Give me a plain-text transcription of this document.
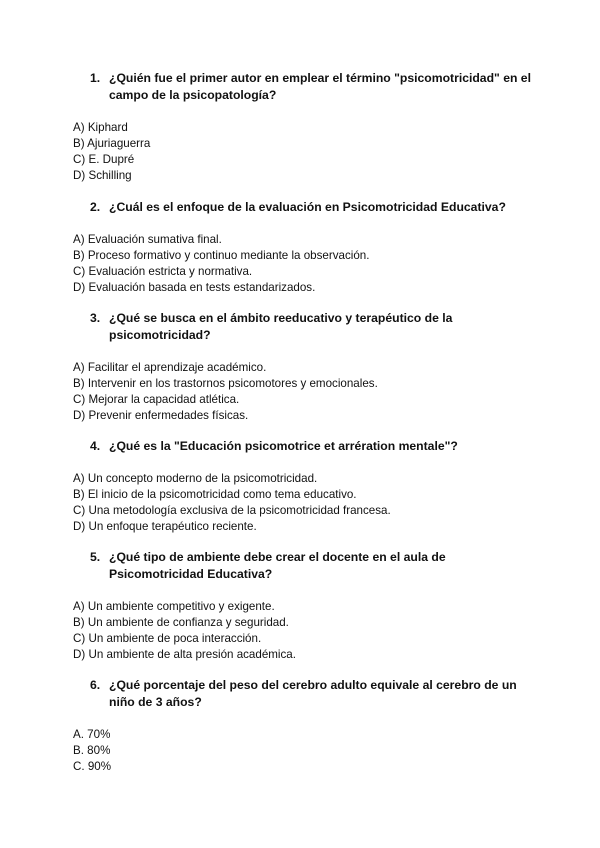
1. ¿Quién fue el primer autor en emplear el término "psicomotricidad" en el campo de la psicopatología?
A) Kiphard
B) Ajuriaguerra
C) E. Dupré
D) Schilling
2. ¿Cuál es el enfoque de la evaluación en Psicomotricidad Educativa?
A) Evaluación sumativa final.
B) Proceso formativo y continuo mediante la observación.
C) Evaluación estricta y normativa.
D) Evaluación basada en tests estandarizados.
3. ¿Qué se busca en el ámbito reeducativo y terapéutico de la psicomotricidad?
A) Facilitar el aprendizaje académico.
B) Intervenir en los trastornos psicomotores y emocionales.
C) Mejorar la capacidad atlética.
D) Prevenir enfermedades físicas.
4. ¿Qué es la "Educación psicomotrice et arrération mentale"?
A) Un concepto moderno de la psicomotricidad.
B) El inicio de la psicomotricidad como tema educativo.
C) Una metodología exclusiva de la psicomotricidad francesa.
D) Un enfoque terapéutico reciente.
5. ¿Qué tipo de ambiente debe crear el docente en el aula de Psicomotricidad Educativa?
A) Un ambiente competitivo y exigente.
B) Un ambiente de confianza y seguridad.
C) Un ambiente de poca interacción.
D) Un ambiente de alta presión académica.
6. ¿Qué porcentaje del peso del cerebro adulto equivale al cerebro de un niño de 3 años?
A. 70%
B. 80%
C. 90%
